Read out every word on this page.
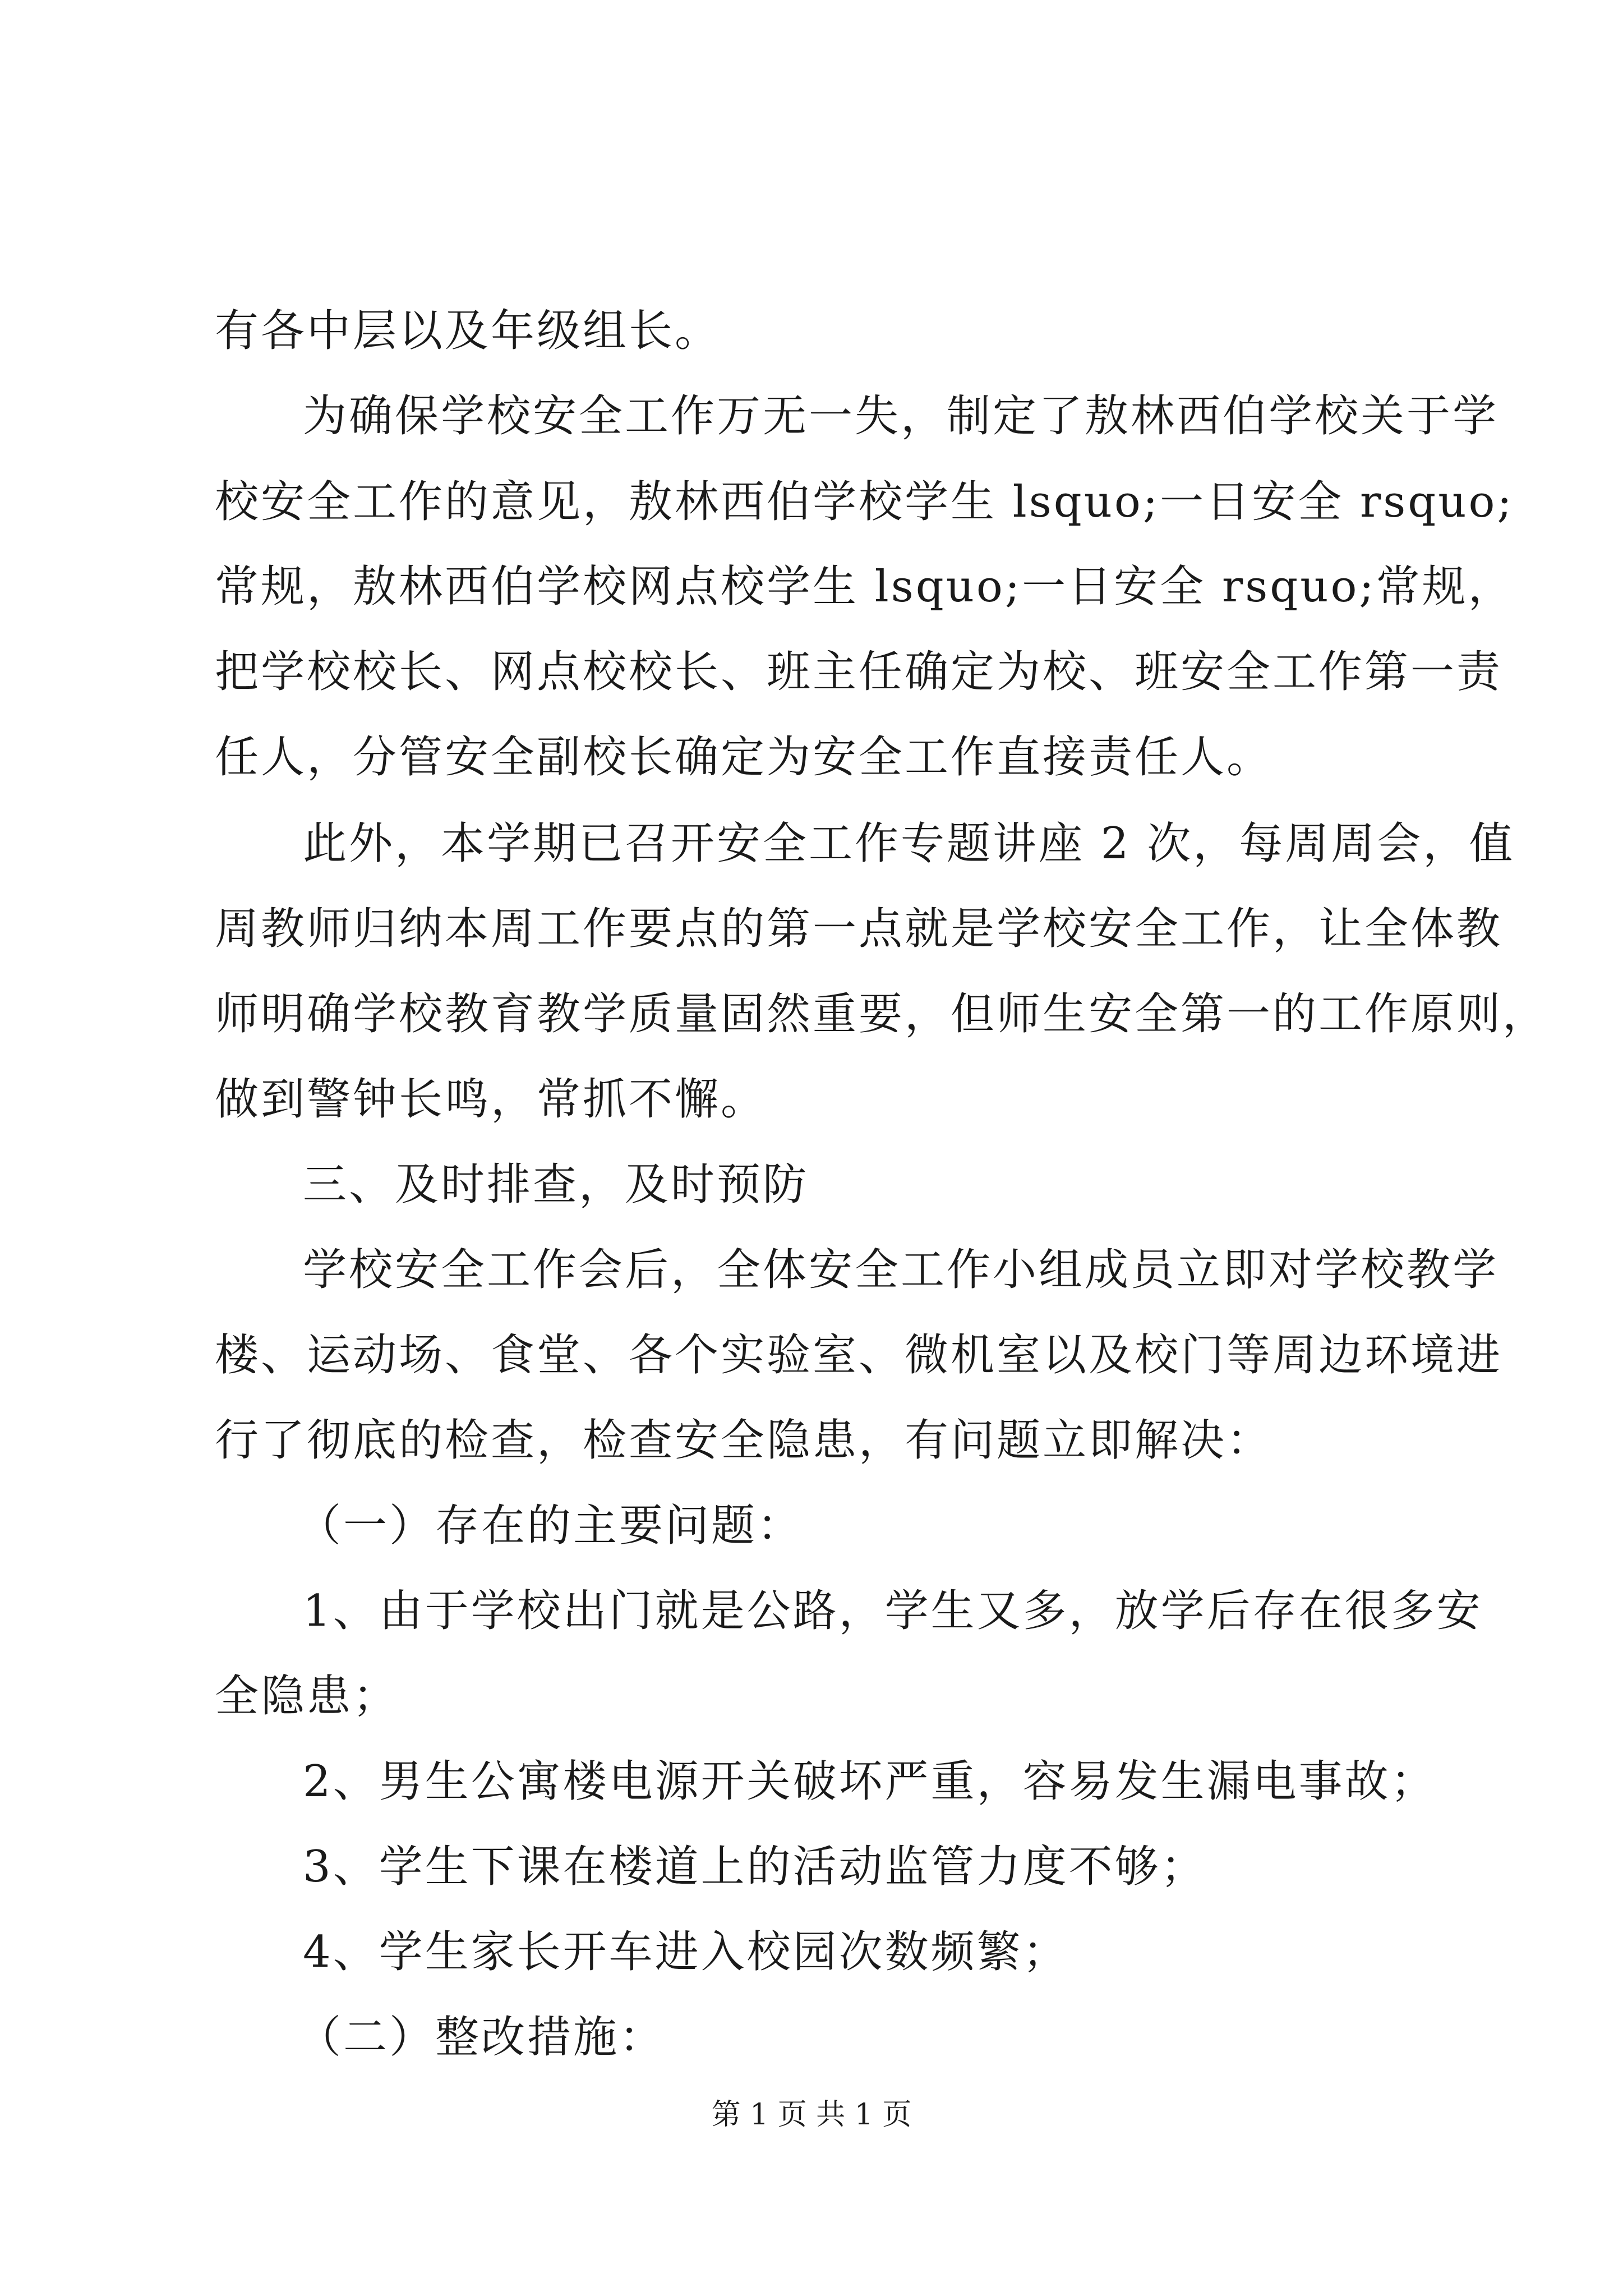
有各中层以及年级组长。
为确保学校安全工作万无一失，制定了敖林西伯学校关于学
校安全工作的意见，敖林西伯学校学生 lsquo;一日安全 rsquo;
常规，敖林西伯学校网点校学生 lsquo;一日安全 rsquo;常规，
把学校校长、网点校校长、班主任确定为校、班安全工作第一责
任人，分管安全副校长确定为安全工作直接责任人。
此外，本学期已召开安全工作专题讲座 2 次，每周周会，值
周教师归纳本周工作要点的第一点就是学校安全工作，让全体教
师明确学校教育教学质量固然重要，但师生安全第一的工作原则，
做到警钟长鸣，常抓不懈。
三、及时排查，及时预防
学校安全工作会后，全体安全工作小组成员立即对学校教学
楼、运动场、食堂、各个实验室、微机室以及校门等周边环境进
行了彻底的检查，检查安全隐患，有问题立即解决：
（一）存在的主要问题：
1、由于学校出门就是公路，学生又多，放学后存在很多安
全隐患；
2、男生公寓楼电源开关破坏严重，容易发生漏电事故；
3、学生下课在楼道上的活动监管力度不够；
4、学生家长开车进入校园次数频繁；
（二）整改措施：
第 1 页 共 1 页
